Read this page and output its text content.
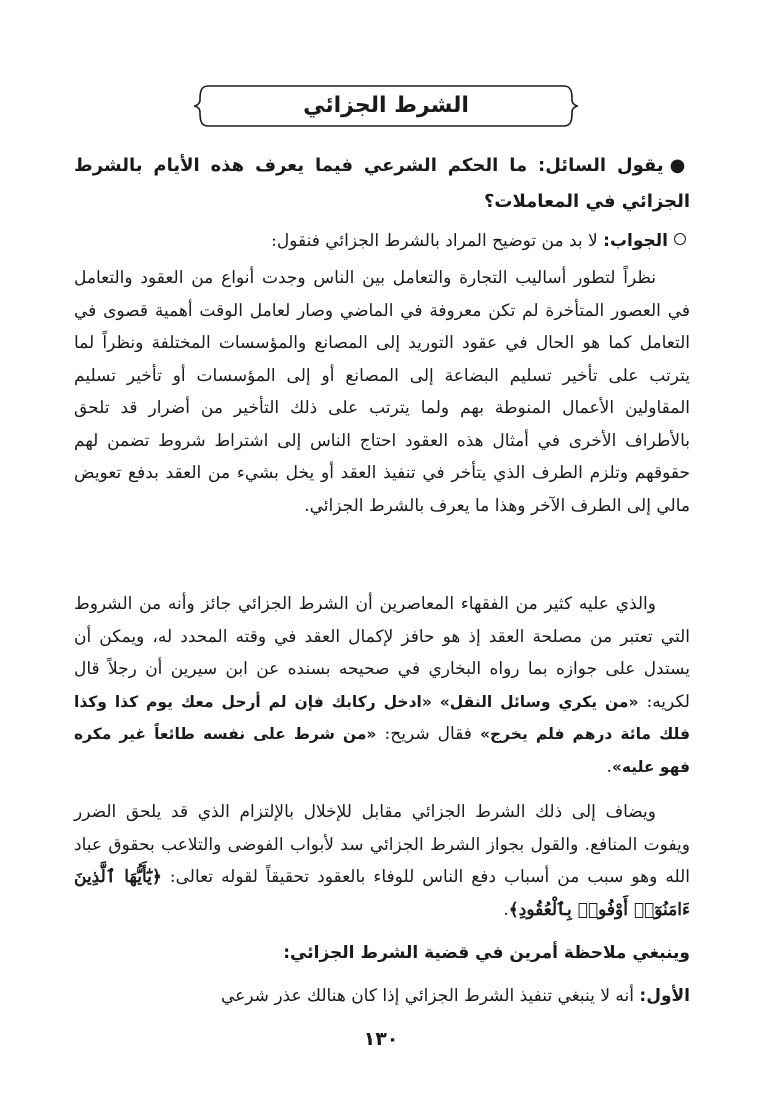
الشرط الجزائي
●يقول السائل: ما الحكم الشرعي فيما يعرف هذه الأيام بالشرط الجزائي في المعاملات؟
الجواب: لا بد من توضيح المراد بالشرط الجزائي فنقول:
نظراً لتطور أساليب التجارة والتعامل بين الناس وجدت أنواع من العقود والتعامل في العصور المتأخرة لم تكن معروفة في الماضي وصار لعامل الوقت أهمية قصوى في التعامل كما هو الحال في عقود التوريد إلى المصانع والمؤسسات المختلفة ونظراً لما يترتب على تأخير تسليم البضاعة إلى المصانع أو إلى المؤسسات أو تأخير تسليم المقاولين الأعمال المنوطة بهم ولما يترتب على ذلك التأخير من أضرار قد تلحق بالأطراف الأخرى في أمثال هذه العقود احتاج الناس إلى اشتراط شروط تضمن لهم حقوقهم وتلزم الطرف الذي يتأخر في تنفيذ العقد أو يخل بشيء من العقد بدفع تعويض مالي إلى الطرف الآخر وهذا ما يعرف بالشرط الجزائي.
والذي عليه كثير من الفقهاء المعاصرين أن الشرط الجزائي جائز وأنه من الشروط التي تعتبر من مصلحة العقد إذ هو حافز لإكمال العقد في وقته المحدد له، ويمكن أن يستدل على جوازه بما رواه البخاري في صحيحه بسنده عن ابن سيرين أن رجلاً قال لكريه: «من يكري وسائل النقل» «ادخل ركابك فإن لم أرحل معك يوم كذا وكذا فلك مائة درهم فلم يخرج» فقال شريح: «من شرط على نفسه طائعاً غير مكره فهو عليه».
ويضاف إلى ذلك الشرط الجزائي مقابل للإخلال بالإلتزام الذي قد يلحق الضرر ويفوت المنافع. والقول بجواز الشرط الجزائي سد لأبواب الفوضى والتلاعب بحقوق عباد الله وهو سبب من أسباب دفع الناس للوفاء بالعقود تحقيقاً لقوله تعالى: ﴿يَٰٓأَيُّهَا ٱلَّذِينَ ءَامَنُوٓا۟ أَوْفُوا۟ بِٱلْعُقُودِ﴾.
وينبغي ملاحظة أمرين في قضية الشرط الجزائي:
الأول: أنه لا ينبغي تنفيذ الشرط الجزائي إذا كان هنالك عذر شرعي
١٣٠
